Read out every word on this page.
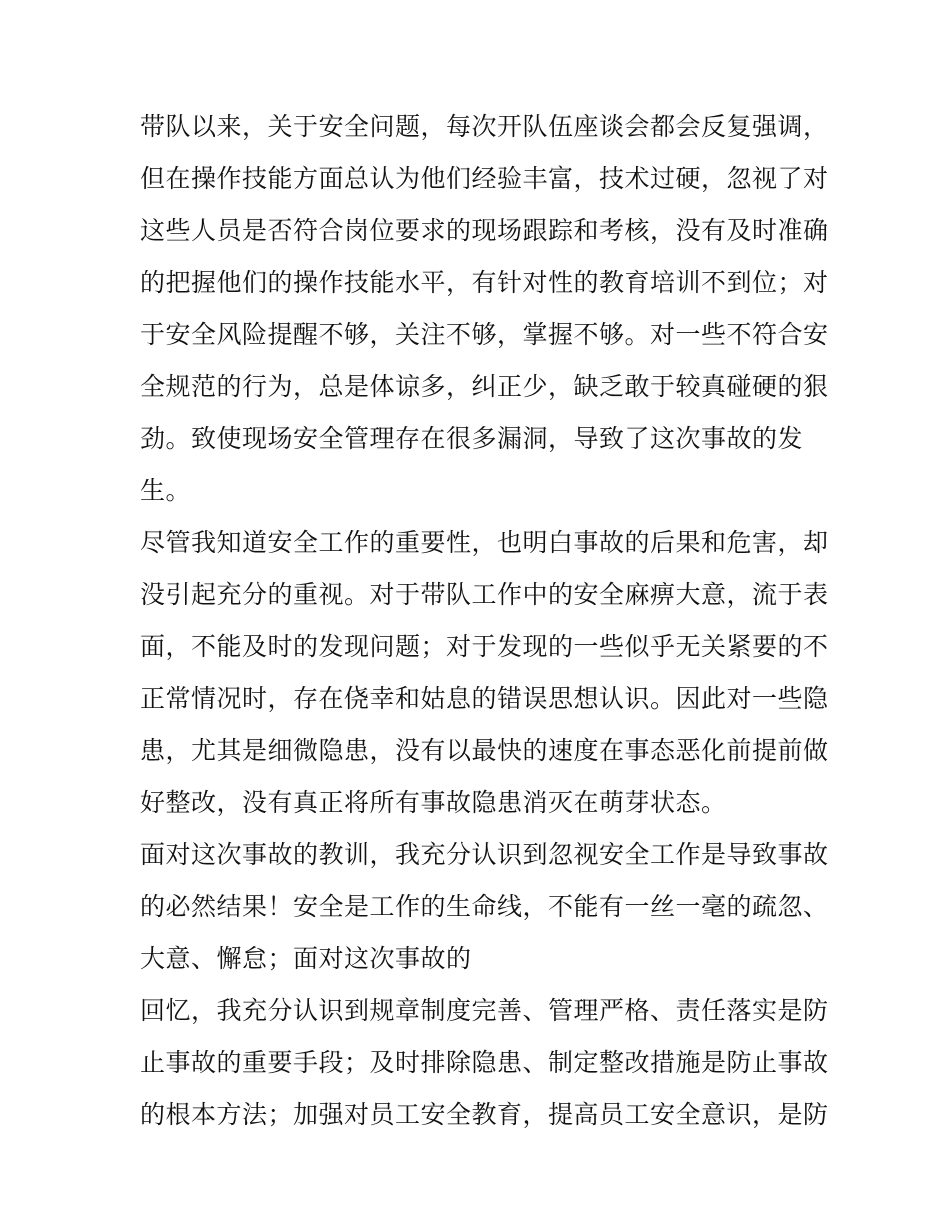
带队以来，关于安全问题，每次开队伍座谈会都会反复强调，
但在操作技能方面总认为他们经验丰富，技术过硬，忽视了对
这些人员是否符合岗位要求的现场跟踪和考核，没有及时准确
的把握他们的操作技能水平，有针对性的教育培训不到位；对
于安全风险提醒不够，关注不够，掌握不够。对一些不符合安
全规范的行为，总是体谅多，纠正少，缺乏敢于较真碰硬的狠
劲。致使现场安全管理存在很多漏洞，导致了这次事故的发
生。
尽管我知道安全工作的重要性，也明白事故的后果和危害，却
没引起充分的重视。对于带队工作中的安全麻痹大意，流于表
面，不能及时的发现问题；对于发现的一些似乎无关紧要的不
正常情况时，存在侥幸和姑息的错误思想认识。因此对一些隐
患，尤其是细微隐患，没有以最快的速度在事态恶化前提前做
好整改，没有真正将所有事故隐患消灭在萌芽状态。
面对这次事故的教训，我充分认识到忽视安全工作是导致事故
的必然结果！安全是工作的生命线，不能有一丝一毫的疏忽、
大意、懈怠；面对这次事故的
回忆，我充分认识到规章制度完善、管理严格、责任落实是防
止事故的重要手段；及时排除隐患、制定整改措施是防止事故
的根本方法；加强对员工安全教育，提高员工安全意识，是防
